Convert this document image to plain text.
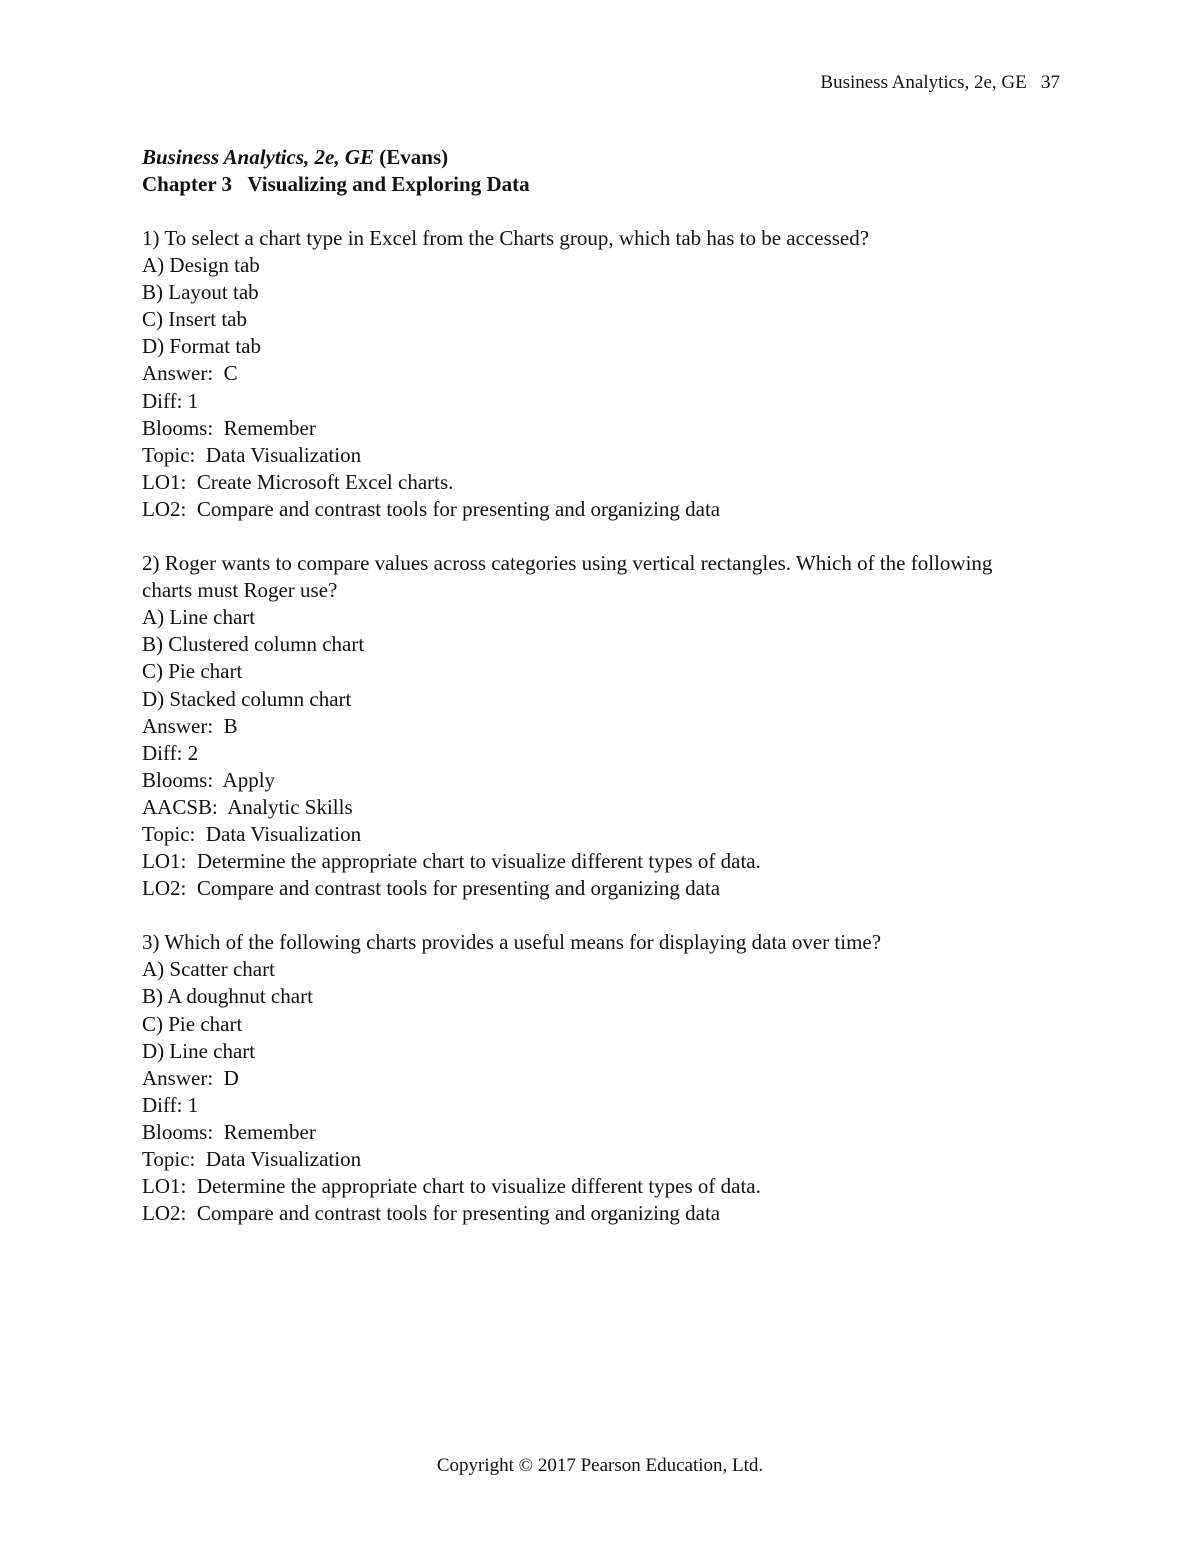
Business Analytics, 2e, GE 37
Business Analytics, 2e, GE (Evans)
Chapter 3   Visualizing and Exploring Data
1) To select a chart type in Excel from the Charts group, which tab has to be accessed?
A) Design tab
B) Layout tab
C) Insert tab
D) Format tab
Answer:  C
Diff: 1
Blooms:  Remember
Topic:  Data Visualization
LO1:  Create Microsoft Excel charts.
LO2:  Compare and contrast tools for presenting and organizing data
2) Roger wants to compare values across categories using vertical rectangles. Which of the following charts must Roger use?
A) Line chart
B) Clustered column chart
C) Pie chart
D) Stacked column chart
Answer:  B
Diff: 2
Blooms:  Apply
AACSB:  Analytic Skills
Topic:  Data Visualization
LO1:  Determine the appropriate chart to visualize different types of data.
LO2:  Compare and contrast tools for presenting and organizing data
3) Which of the following charts provides a useful means for displaying data over time?
A) Scatter chart
B) A doughnut chart
C) Pie chart
D) Line chart
Answer:  D
Diff: 1
Blooms:  Remember
Topic:  Data Visualization
LO1:  Determine the appropriate chart to visualize different types of data.
LO2:  Compare and contrast tools for presenting and organizing data
Copyright © 2017 Pearson Education, Ltd.
